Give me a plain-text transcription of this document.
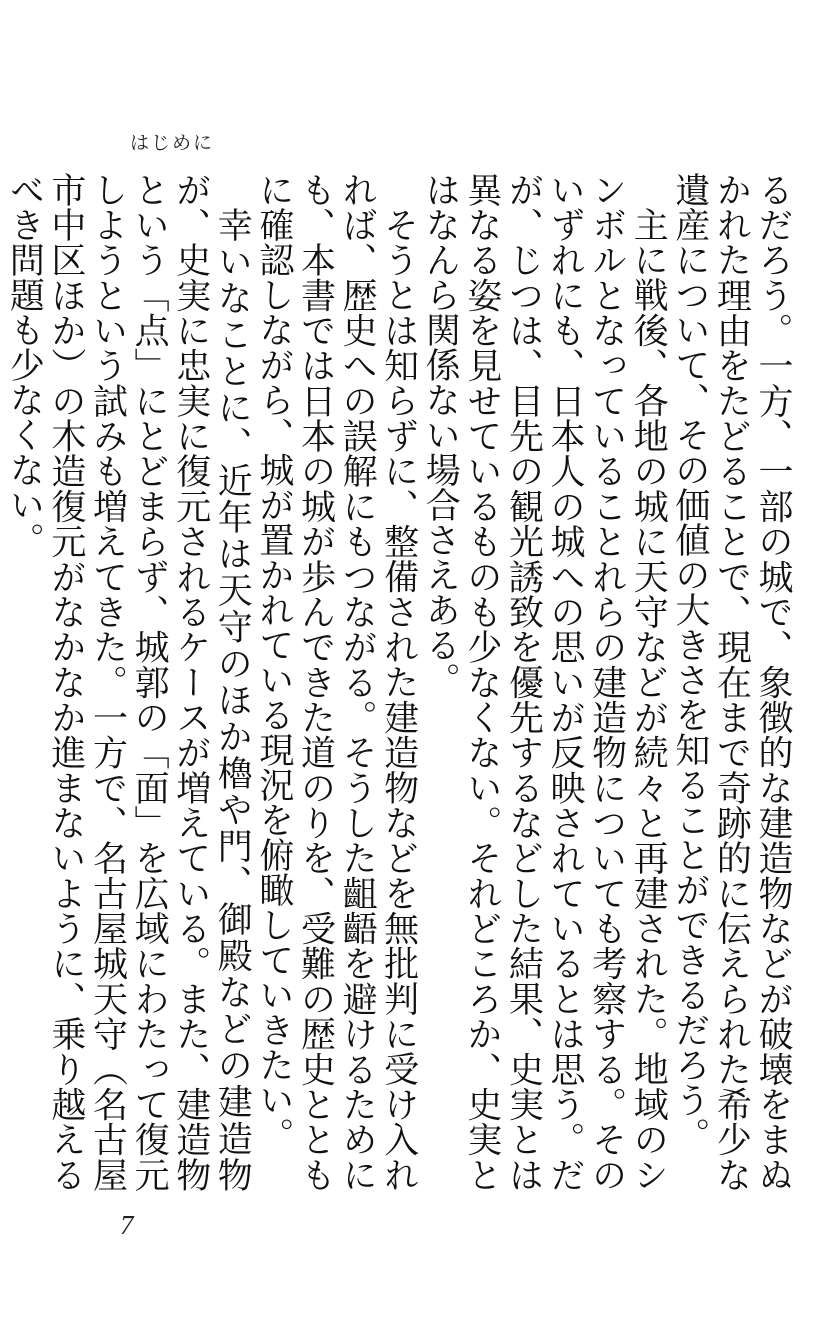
はじめに

るだろう。一方、一部の城で、象徴的な建造物などが破壊をまぬかれた理由をたどることで、現在まで奇跡的に伝えられた希少な遺産について、その価値の大きさを知ることができるだろう。

主に戦後、各地の城に天守などが続々と再建された。地域のシンボルとなっていることれらの建造物についても考察する。そのいずれにも、日本人の城への思いが反映されているとは思う。だが、じつは、目先の観光誘致を優先するなどした結果、史実とは異なる姿を見せているものも少なくない。それどころか、史実とはなんら関係ない場合さえある。

そうとは知らずに、整備された建造物などを無批判に受け入れれば、歴史への誤解にもつながる。そうした齟齬を避けるためにも、本書では日本の城が歩んできた道のりを、受難の歴史とともに確認しながら、城が置かれている現況を俯瞰していきたい。

幸いなことに、近年は天守のほか櫓や門、御殿などの建造物が、史実に忠実に復元されるケースが増えている。また、建造物という「点」にとどまらず、城郭の「面」を広域にわたって復元しようという試みも増えてきた。一方で、名古屋城天守（名古屋市中区ほか）の木造復元がなかなか進まないように、乗り越えるべき問題も少なくない。

7
